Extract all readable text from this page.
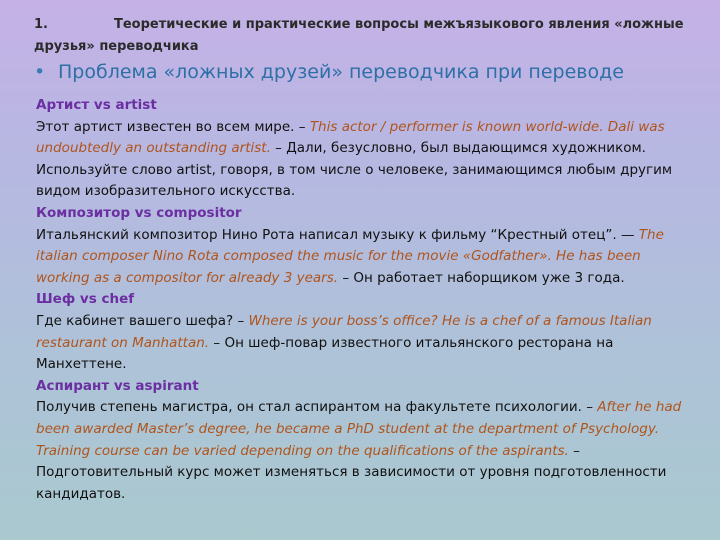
1.	Теоретические и практические вопросы межъязыкового явления «ложные друзья» переводчика
• Проблема «ложных друзей» переводчика при переводе

Артист vs artist

Этот артист известен во всем мире. – This actor / performer is known world-wide. Dali was undoubtedly an outstanding artist. – Дали, безусловно, был выдающимся художником. Используйте слово artist, говоря, в том числе о человеке, занимающимся любым другим видом изобразительного искусства.

Композитор vs compositor

Итальянский композитор Нино Рота написал музыку к фильму “Крестный отец”. — The italian composer Nino Rota composed the music for the movie «Godfather». He has been working as a compositor for already 3 years. – Он работает наборщиком уже 3 года.

Шеф vs chef

Где кабинет вашего шефа? – Where is your boss’s office? He is a chef of a famous Italian restaurant on Manhattan. – Он шеф-повар известного итальянского ресторана на Манхеттене.

Аспирант vs aspirant

Получив степень магистра, он стал аспирантом на факультете психологии. – After he had been awarded Master’s degree, he became a PhD student at the department of Psychology. Training course can be varied depending on the qualifications of the aspirants. – Подготовительный курс может изменяться в зависимости от уровня подготовленности кандидатов.
